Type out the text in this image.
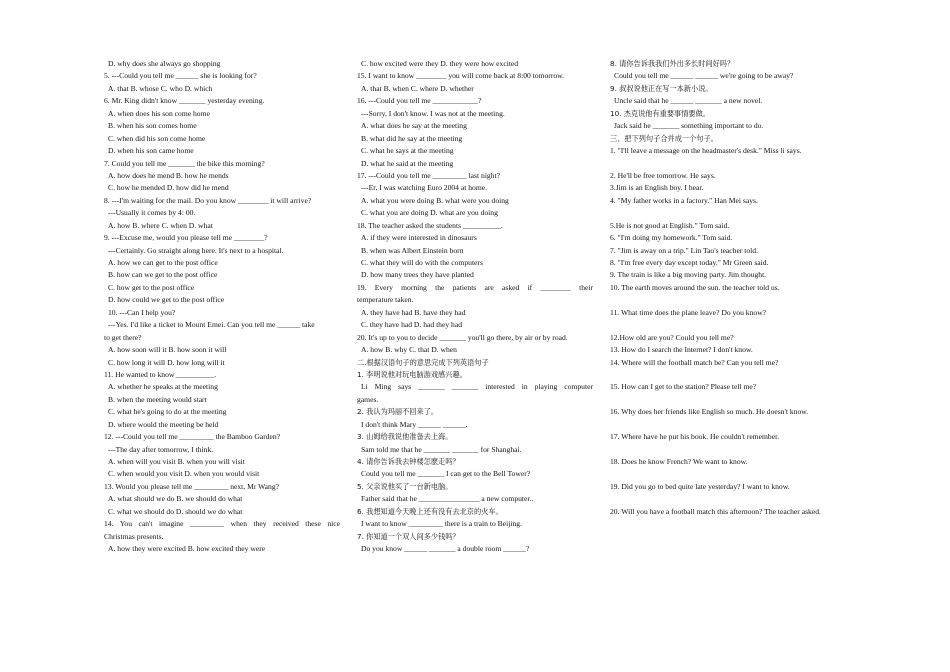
D. why does she always go shopping
5. ---Could you tell me ______ she is looking for?
A. that B. whose C. who D. which
6. Mr. King didn't know _______ yesterday evening.
A. when does his son come home
B. when his son comes home
C. when did his son come home
D. when his son came home
7. Could you tell me _______ the bike this morning?
A. how does he mend B. how he mends
C. how he mended D. how did he mend
8. ---I'm waiting for the mail. Do you know ________ it will arrive?
---Usually it comes by 4: 00.
A. how B. where C. when D. what
9. ---Excuse me, would you please tell me ________?
---Certainly. Go straight along here. It's next to a hospital.
A. how we can get to the post office
B. how can we get to the post office
C. how get to the post office
D. how could we get to the post office
10. ---Can I help you?
---Yes. I'd like a ticket to Mount Emei. Can you tell me ______ take
to get there?
A. how soon will it B. how soon it will
C. how long it will D. how long will it
11. He wanted to know __________.
A. whether he speaks at the meeting
B. when the meeting would start
C. what he's going to do at the meeting
D. where would the meeting be held
12. ---Could you tell me _________ the Bamboo Garden?
---The day after tomorrow, I think.
A. when will you visit B. when you will visit
C. when would you visit D. when you would visit
13. Would you please tell me _________ next, Mr Wang?
A. what should we do B. we should do what
C. what we should do D. should we do what
14. You can't imagine _________ when they received these nice
Christmas presents.
A. how they were excited B. how excited they were
C. how excited were they D. they were how excited
15. I want to know ________ you will come back at 8:00 tomorrow.
A. that B. when C. where D. whether
16. ---Could you tell me ____________?
---Sorry, I don't know. I was not at the meeting.
A. what does he say at the meeting
B. what did he say at the meeting
C. what he says at the meeting
D. what he said at the meeting
17. ---Could you tell me _________ last night?
---Er, I was watching Euro 2004 at home.
A. what you were doing B. what were you doing
C. what you are doing D. what are you doing
18. The teacher asked the students __________.
A. if they were interested in dinosaurs
B. when was Albert Einstein born
C. what they will do with the computers
D. how many trees they have planted
19. Every morning the patients are asked if ________ their
temperature taken.
A. they have had B. have they had
C. they have had D. had they had
20. It's up to you to decide _______ you'll go there, by air or by road.
A. how B. why C. that D. when
二.根据汉语句子的意思完成下列英语句子
1. 李明说他对玩电脑游戏感兴趣。
Li Ming says _______ _______ interested in playing computer
games.
2. 我认为玛丽不回来了。
I don't think Mary ______ ______.
3. 山姆给我说他准备去上海。
Sam told me that he _______ _______ for Shanghai.
4. 请你告诉我去钟楼怎麽走吗？
Could you tell me _______ I can get to the Bell Tower?
5. 父亲说他买了一台新电脑。
Father said that he ________________ a new computer..
6. 我想知道今天晚上还有没有去北京的火车。
I want to know _________ there is a train to Beijing.
7. 你知道一个双人间多少钱吗？
Do you know ______ _______ a double room ______?
8. 请你告诉我我们外出多长时间好吗？
Could you tell me ______ ______ we're going to be away?
9. 叔叔说他正在写一本新小说。
Uncle said that he ______ _______ a new novel.
10. 杰克说他有重要事情要做。
Jack said he _______ something important to do.
三、把下列句子合并成一个句子。
1. "I'll leave a message on the headmaster's desk." Miss li says.
2. He'll be free tomorrow. He says.
3.Jim is an English boy. I hear.
4. "My father works in a factory." Han Mei says.
5.He is not good at English." Tom said.
6. "I'm doing my homework." Tom said.
7. "Jim is away on a trip." Lin Tao's teacher told.
8. "I'm free every day except today." Mr Green said.
9. The train is like a big moving party. Jim thought.
10. The earth moves around the sun. the teacher told us.
11. What time does the plane leave? Do you know?
12.How old are you? Could you tell me?
13. How do I search the Internet? I don't know.
14. Where will the football match be? Can you tell me?
15. How can I get to the station? Please tell me?
16. Why does her friends like English so much. He doesn't know.
17. Where have he put his book. He couldn't remember.
18. Does he know French? We want to know.
19. Did you go to bed quite late yesterday? I want to know.
20. Will you have a football match this afternoon? The teacher asked.
